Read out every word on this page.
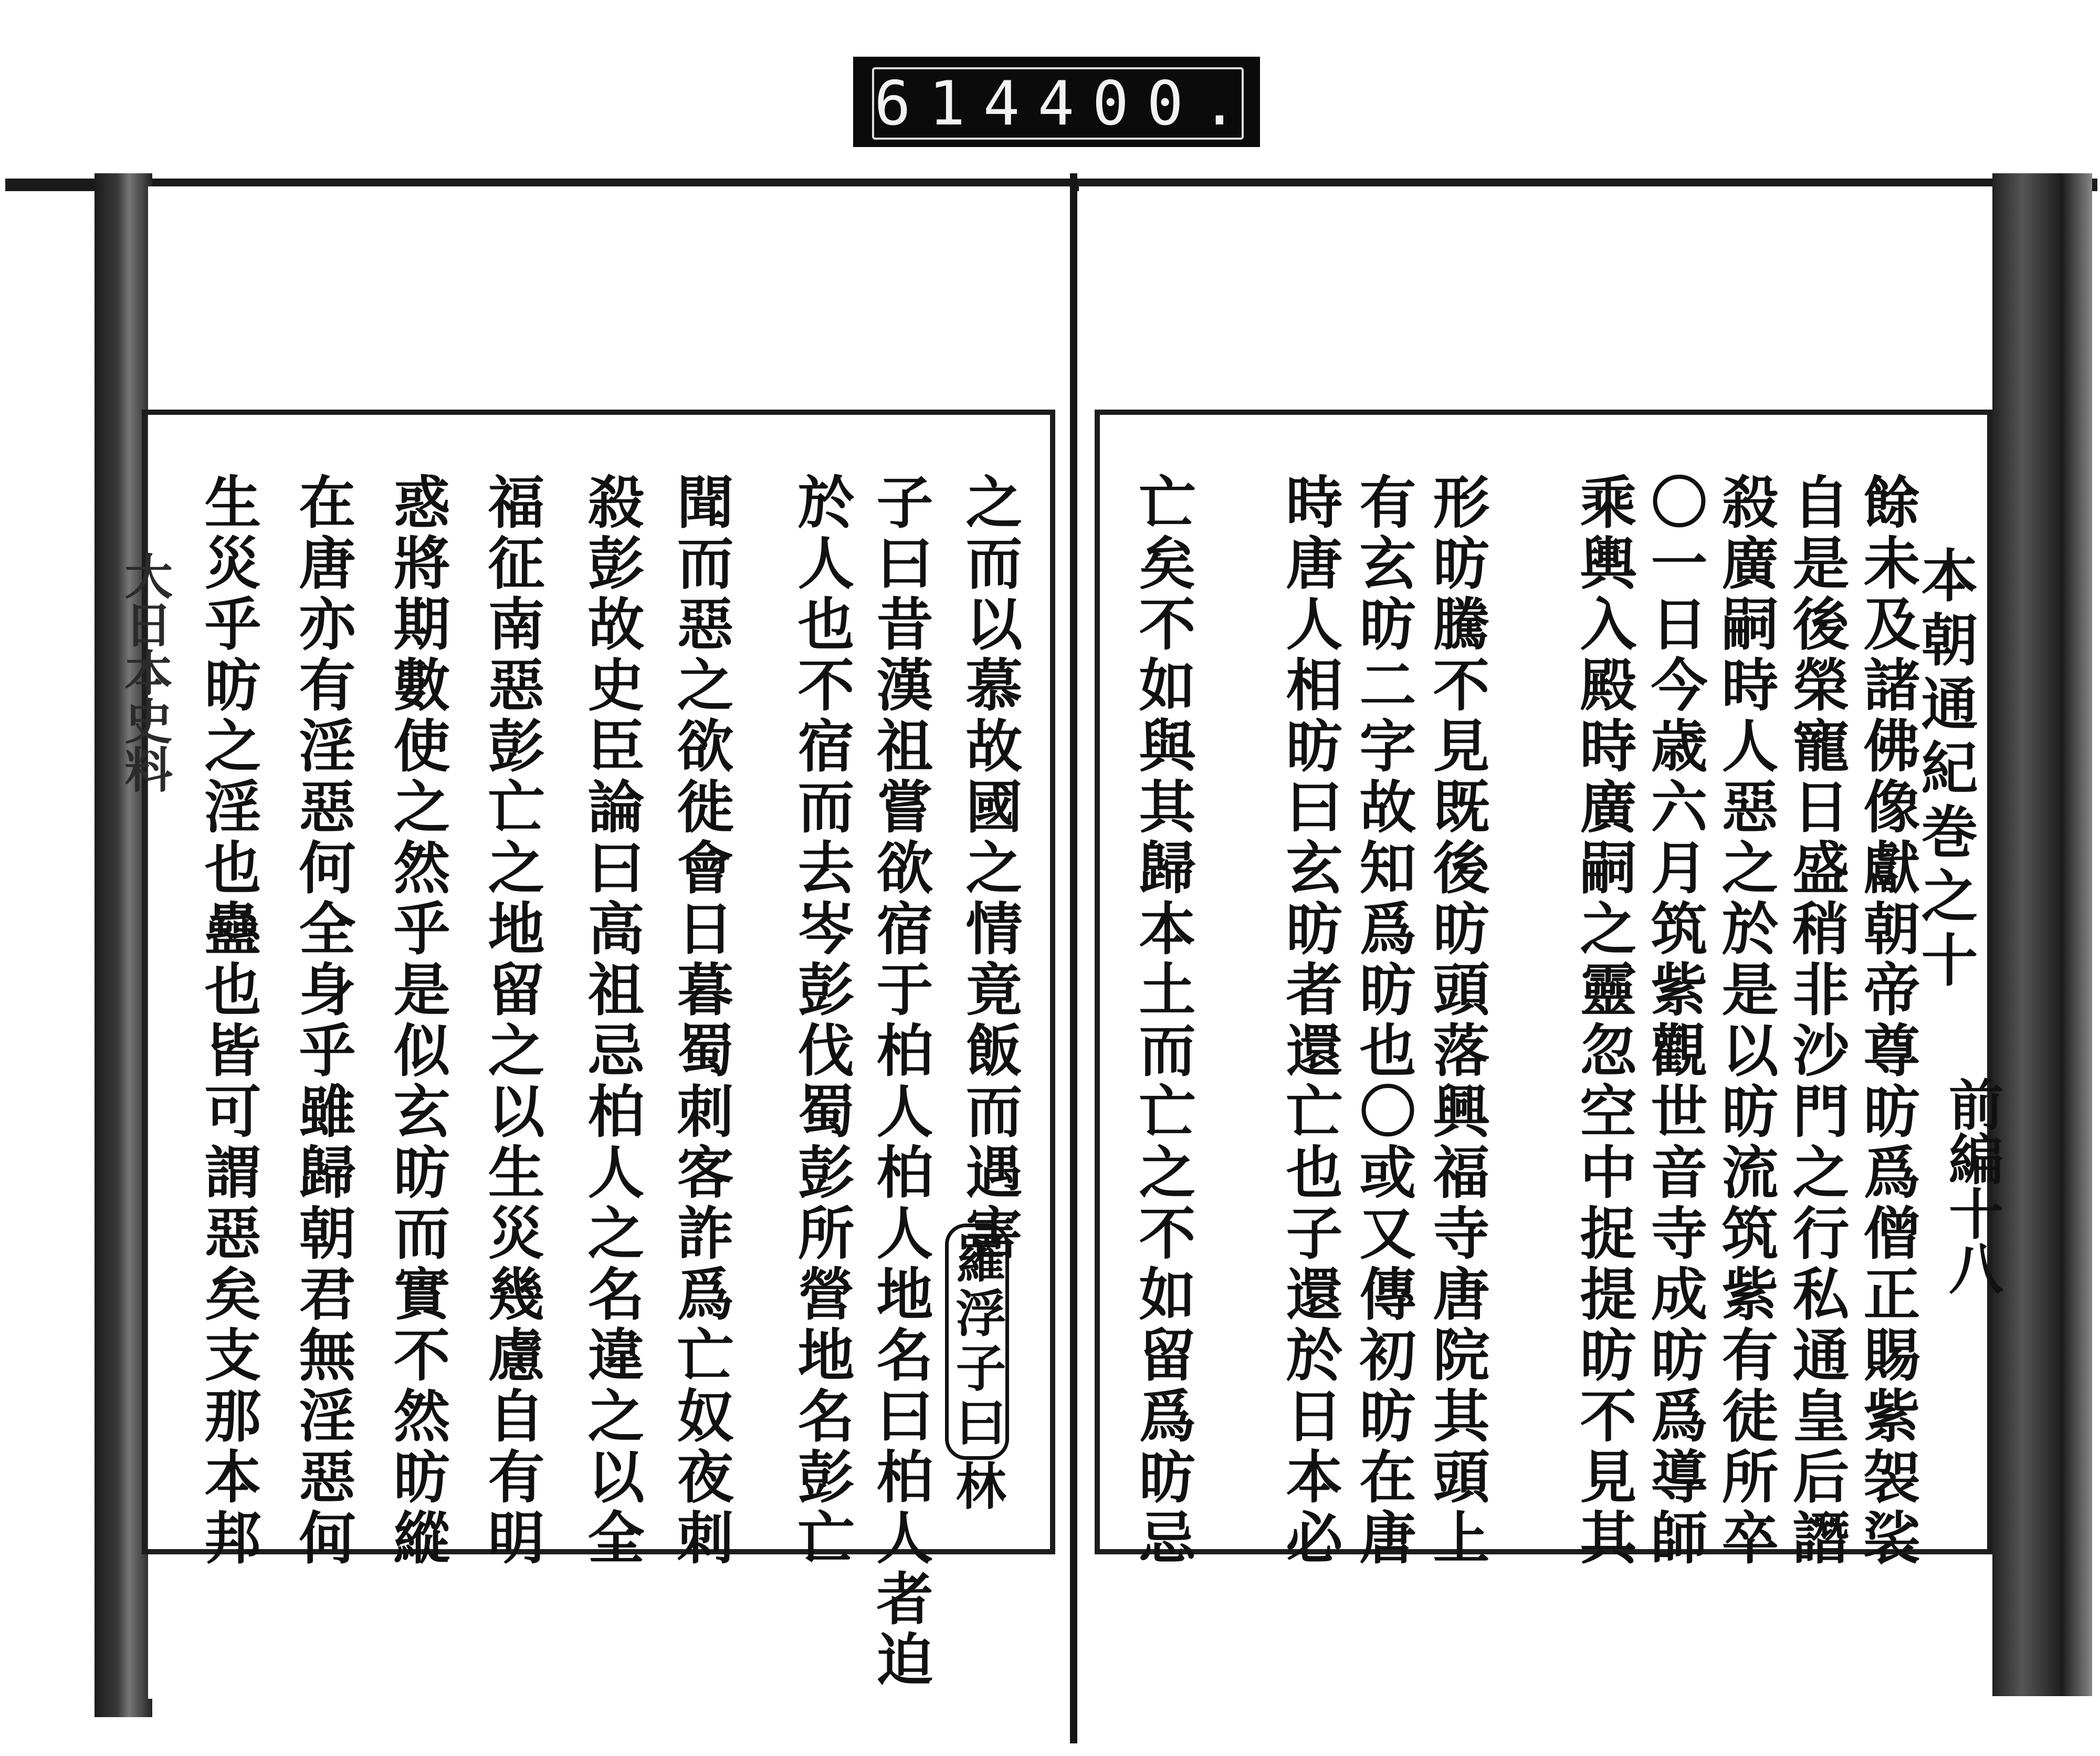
614 400.
大日本史料	本朝通紀巻之十
前編十八
餘未及諸佛像獻朝帝尊昉爲僧正賜紫袈裟
自是後榮寵日盛稍非沙門之行私通皇后譖
殺廣嗣時人惡之於是以昉流筑紫有徒所卒
〇一日今歳六月筑紫觀世音寺成昉爲導師
乘輿入殿時廣嗣之靈忽空中捉提昉不見其
形昉騰不見既後昉頭落興福寺唐院其頭上
有玄昉二字故知爲昉也〇或又傳初昉在唐
時唐人相昉曰玄昉者還亡也子還於日本必
亡矣不如與其歸本土而亡之不如留爲昉忌
之而以慕故國之情竟飯而遇害
羅浮子曰林
子曰昔漢祖嘗欲宿于柏人柏人地名曰柏人者迫
於人也不宿而去岑彭伐蜀彭所營地名彭亡
聞而惡之欲徙會日暮蜀刺客詐爲亡奴夜刺
殺彭故史臣論曰高祖忌柏人之名違之以全
福征南惡彭亡之地留之以生災幾慮自有明
惑將期數使之然乎是似玄昉而實不然昉縱
在唐亦有淫惡何全身乎雖歸朝君無淫惡何
生災乎昉之淫也蠱也皆可謂惡矣支那本邦
